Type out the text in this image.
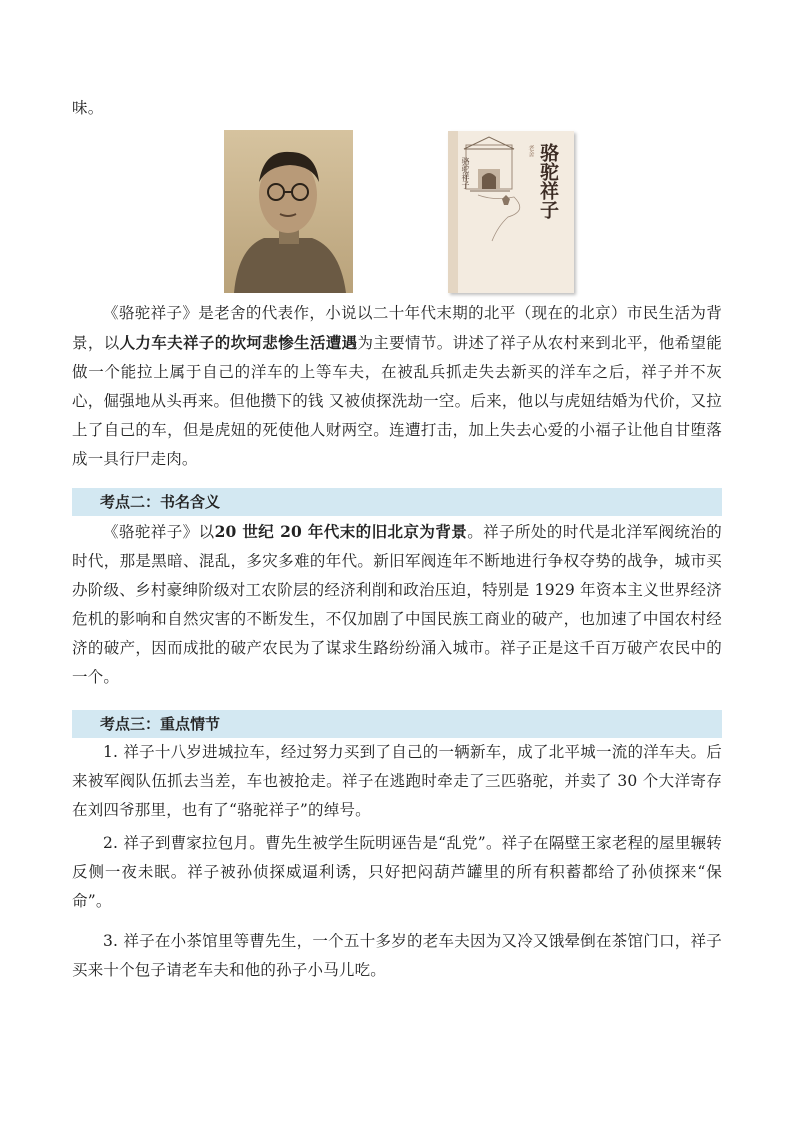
味。

骆驼祥子
老舍
骆驼祥子

《骆驼祥子》是老舍的代表作，小说以二十年代末期的北平（现在的北京）市民生活为背景，以人力车夫祥子的坎坷悲惨生活遭遇为主要情节。讲述了祥子从农村来到北平，他希望能做一个能拉上属于自己的洋车的上等车夫，在被乱兵抓走失去新买的洋车之后，祥子并不灰心，倔强地从头再来。但他攒下的钱 又被侦探洗劫一空。后来，他以与虎妞结婚为代价，又拉上了自己的车，但是虎妞的死使他人财两空。连遭打击，加上失去心爱的小福子让他自甘堕落成一具行尸走肉。

考点二：书名含义

《骆驼祥子》以20 世纪 20 年代末的旧北京为背景。祥子所处的时代是北洋军阀统治的时代，那是黑暗、混乱，多灾多难的年代。新旧军阀连年不断地进行争权夺势的战争，城市买办阶级、乡村豪绅阶级对工农阶层的经济利削和政治压迫，特别是 1929 年资本主义世界经济危机的影响和自然灾害的不断发生，不仅加剧了中国民族工商业的破产，也加速了中国农村经济的破产，因而成批的破产农民为了谋求生路纷纷涌入城市。祥子正是这千百万破产农民中的一个。

考点三：重点情节

1. 祥子十八岁进城拉车，经过努力买到了自己的一辆新车，成了北平城一流的洋车夫。后来被军阀队伍抓去当差，车也被抢走。祥子在逃跑时牵走了三匹骆驼，并卖了 30 个大洋寄存在刘四爷那里，也有了“骆驼祥子”的绰号。

2. 祥子到曹家拉包月。曹先生被学生阮明诬告是“乱党”。祥子在隔壁王家老程的屋里辗转反侧一夜未眠。祥子被孙侦探威逼利诱，只好把闷葫芦罐里的所有积蓄都给了孙侦探来“保命”。

3. 祥子在小茶馆里等曹先生，一个五十多岁的老车夫因为又冷又饿晕倒在茶馆门口，祥子买来十个包子请老车夫和他的孙子小马儿吃。
